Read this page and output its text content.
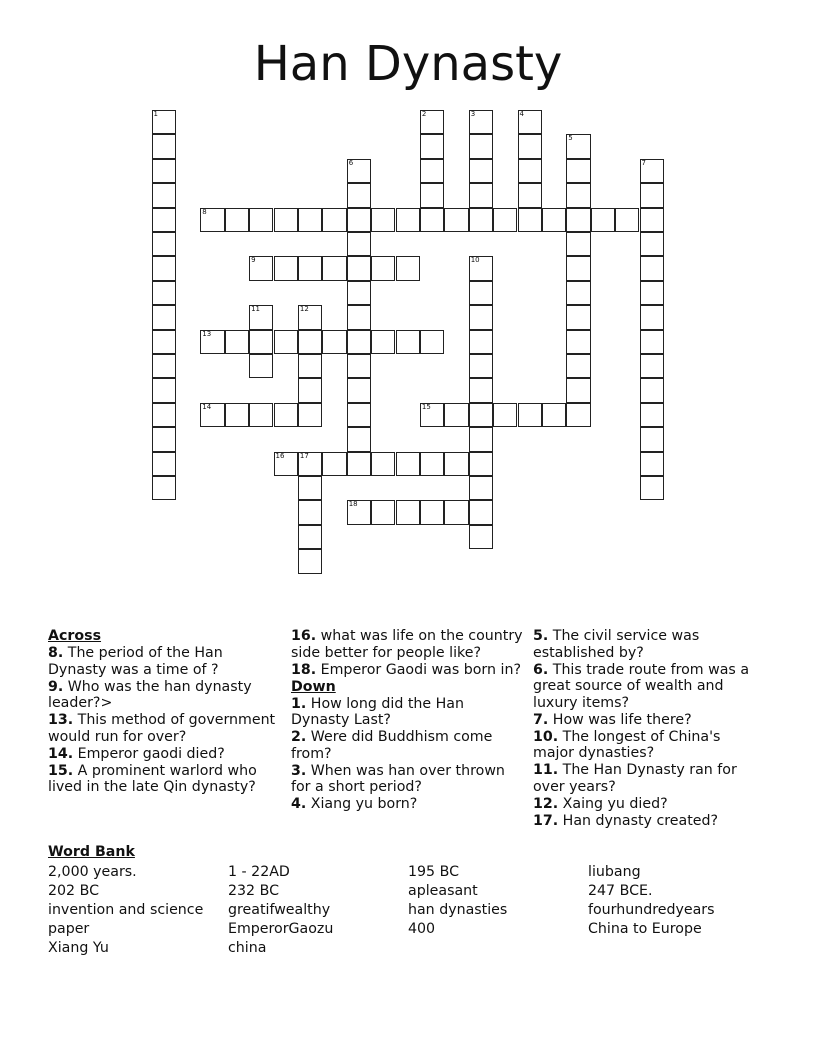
Han Dynasty
8
9
13
14	15
16 17
18
1	2	3	4
5
6	7
10
11	12
Across
8. The period of the Han Dynasty was a time of ?
9. Who was the han dynasty leader?>
13. This method of government would run for over?
14. Emperor gaodi died?
15. A prominent warlord who lived in the late Qin dynasty?
16. what was life on the country side better for people like?
18. Emperor Gaodi was born in?
Down
1. How long did the Han Dynasty Last?
2. Were did Buddhism come from?
3. When was han over thrown for a short period?
4. Xiang yu born?
5. The civil service was established by?
6. This trade route from was a great source of wealth and luxury items?
7. How was life there?
10. The longest of China's major dynasties?
11. The Han Dynasty ran for over years?
12. Xaing yu died?
17. Han dynasty created?
Word Bank
2,000 years.
202 BC
invention and science
paper
Xiang Yu
1 - 22AD
232 BC
greatifwealthy
EmperorGaozu
china
195 BC
apleasant
han dynasties
400
liubang
247 BCE.
fourhundredyears
China to Europe
